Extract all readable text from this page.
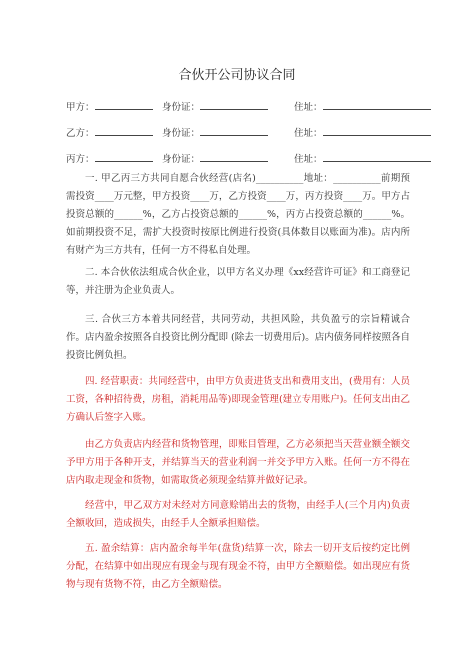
合伙开公司协议合同
甲方：	身份证：	住址：
乙方：	身份证：	住址：
丙方：	身份证：	住址：

一. 甲乙丙三方共同自愿合伙经营(店名)__________地址：__________前期预需投资____万元整，甲方投资____万，乙方投资____万，丙方投资____万。甲方占投资总额的______%，乙方占投资总额的______%，丙方占投资总额的______%。如前期投资不足，需扩大投资时按原比例进行投资(具体数目以账面为准)。店内所有财产为三方共有，任何一方不得私自处理。

二. 本合伙依法组成合伙企业，以甲方名义办理《xx经营许可证》和工商登记等，并注册为企业负责人。

三. 合伙三方本着共同经营，共同劳动，共担风险，共负盈亏的宗旨精诚合作。店内盈余按照各自投资比例分配即 (除去一切费用后)。店内债务同样按照各自投资比例负担。

四. 经营职责：共同经营中，由甲方负责进货支出和费用支出，(费用有：人员工资，各种招待费，房租，消耗用品等)即现金管理(建立专用账户)。任何支出由乙方确认后签字入账。

由乙方负责店内经营和货物管理，即账目管理，乙方必须把当天营业额全额交予甲方用于各种开支，并结算当天的营业利润一并交予甲方入账。任何一方不得在店内取走现金和货物，如需取货必须现金结算并做好记录。

经营中，甲乙双方对未经对方同意赊销出去的货物，由经手人(三个月内)负责全额收回，造成损失，由经手人全额承担赔偿。

五. 盈余结算：店内盈余每半年(盘货)结算一次，除去一切开支后按约定比例分配，在结算中如出现应有现金与现有现金不符，由甲方全额赔偿。如出现应有货物与现有货物不符，由乙方全额赔偿。
